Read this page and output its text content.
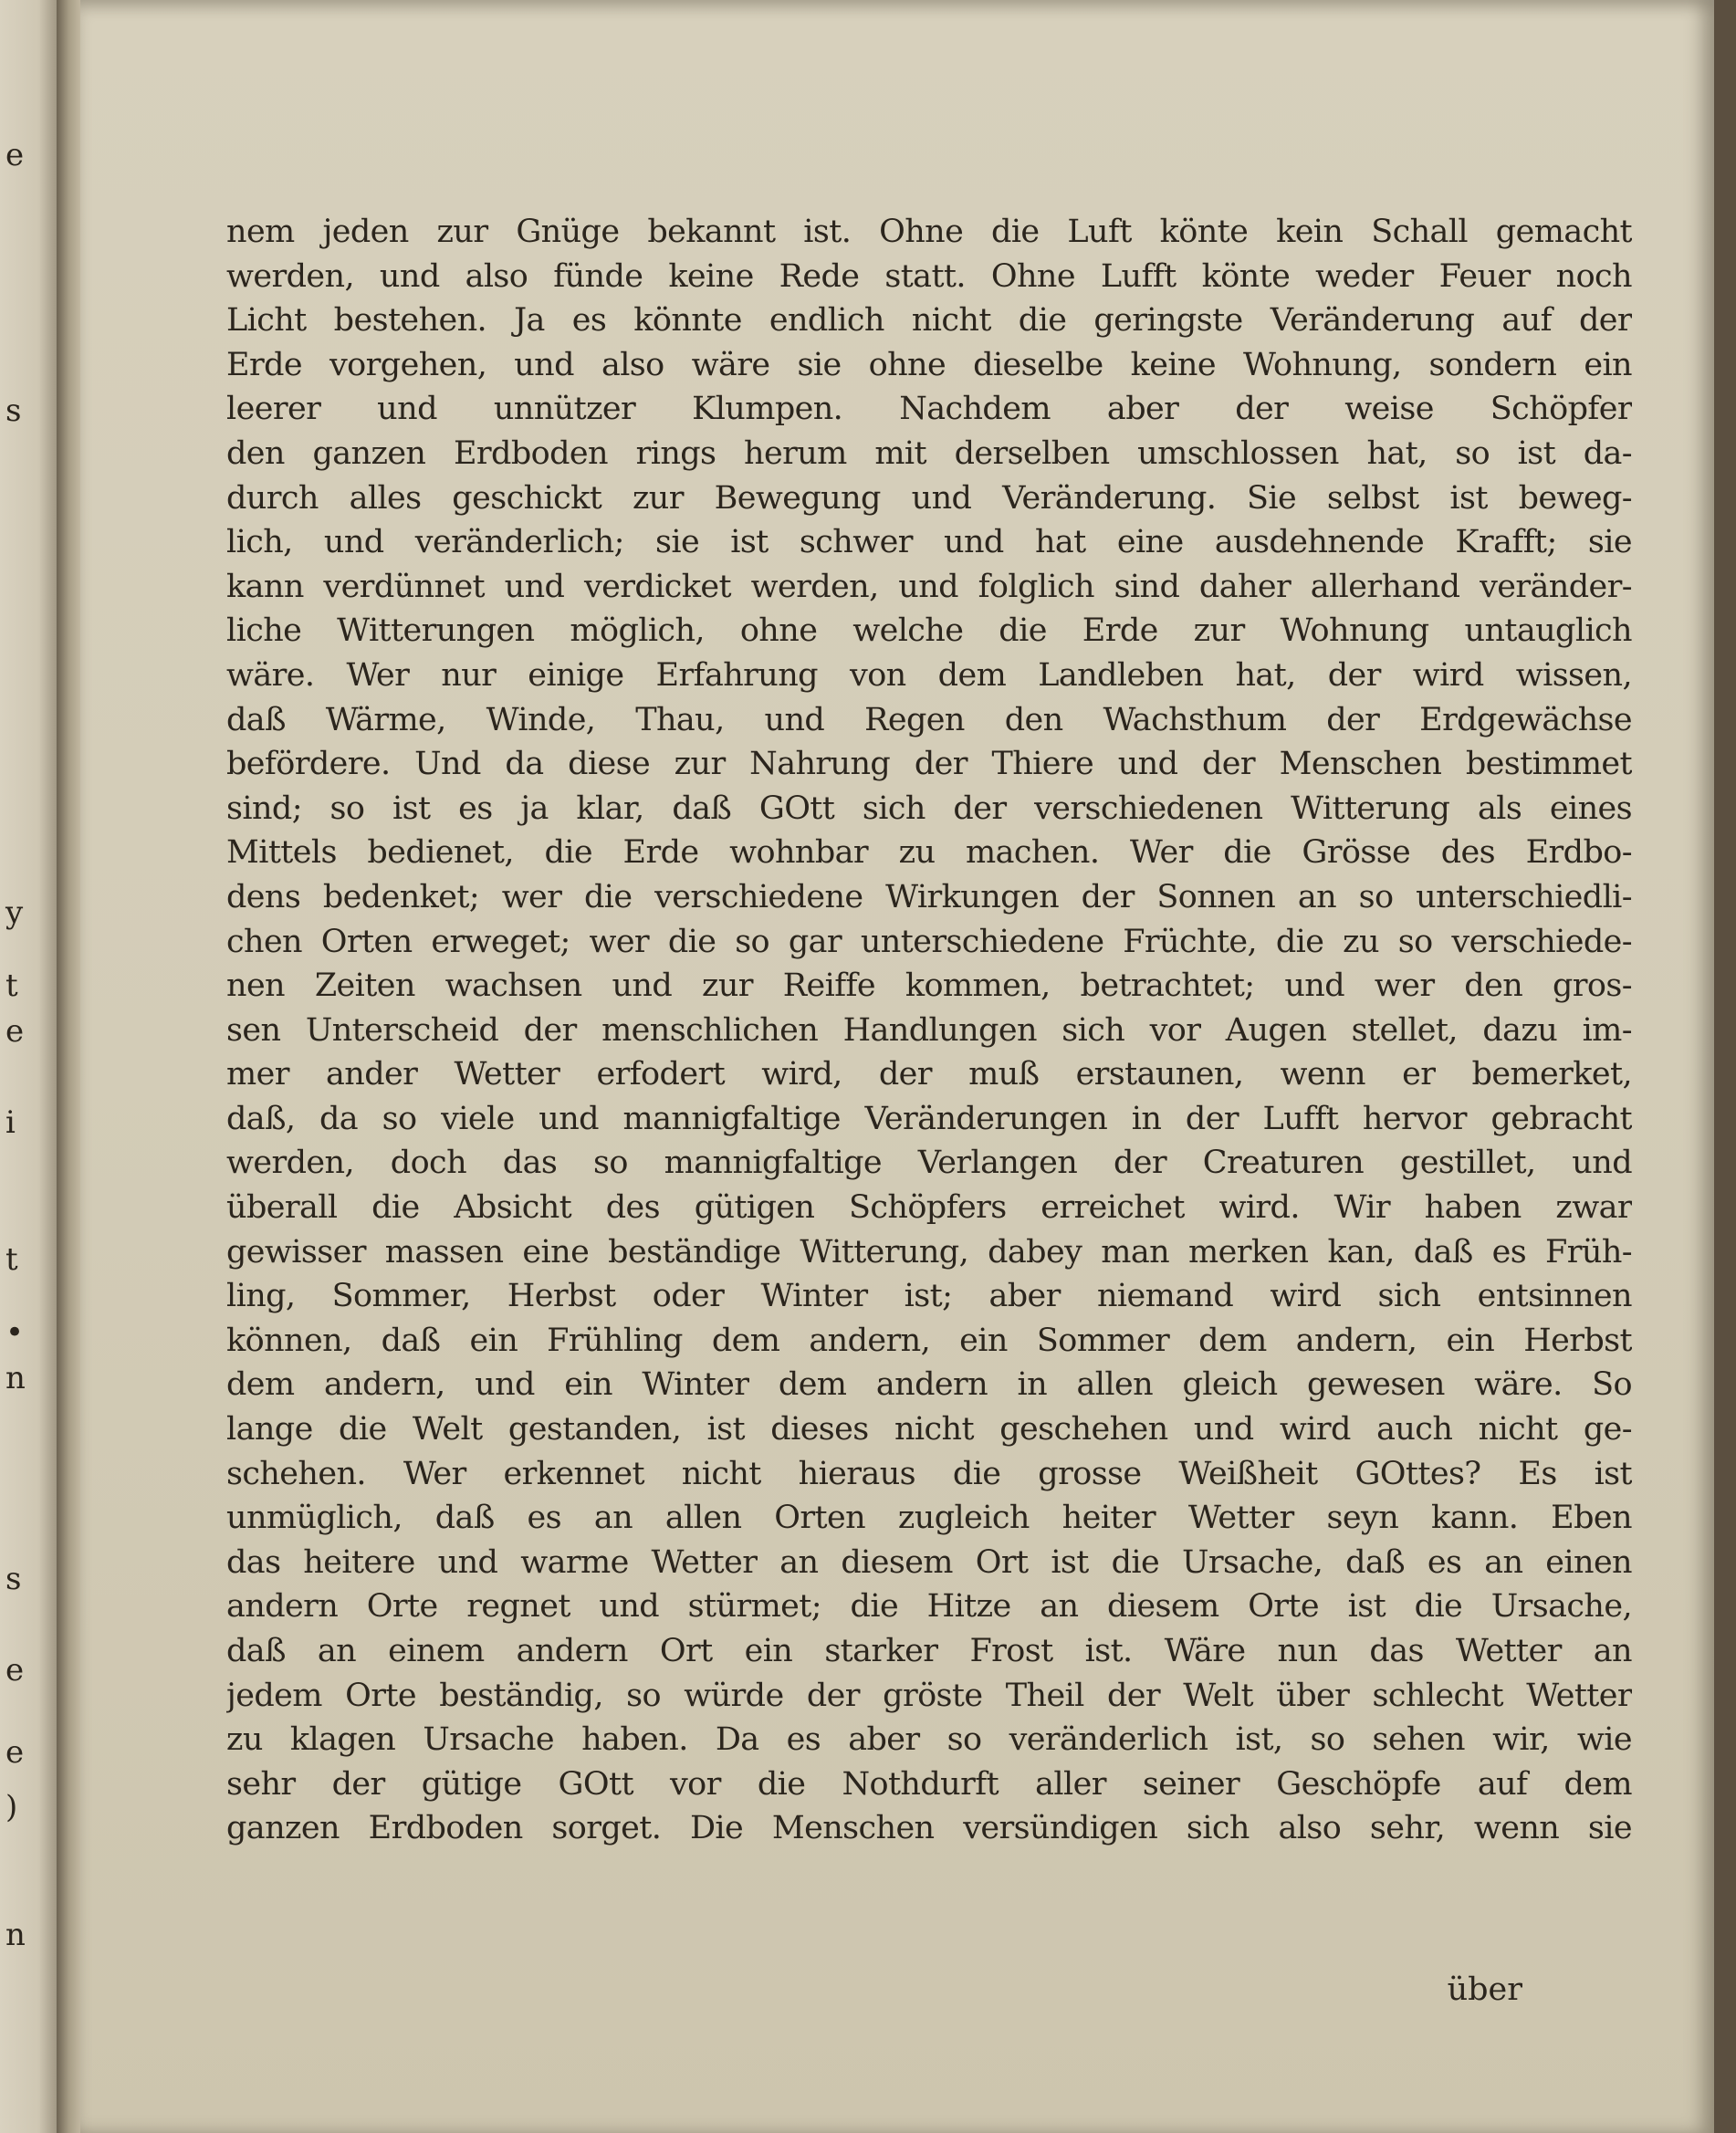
e
s
y
t
e
i
t
•
n
s
e
e
)
n
nem jeden zur Gnüge bekannt ist. Ohne die Luft könte kein Schall gemacht
werden, und also fünde keine Rede statt. Ohne Lufft könte weder Feuer noch
Licht bestehen. Ja es könnte endlich nicht die geringste Veränderung auf der
Erde vorgehen, und also wäre sie ohne dieselbe keine Wohnung, sondern ein
leerer und unnützer Klumpen. Nachdem aber der weise Schöpfer
den ganzen Erdboden rings herum mit derselben umschlossen hat, so ist da-
durch alles geschickt zur Bewegung und Veränderung. Sie selbst ist beweg-
lich, und veränderlich; sie ist schwer und hat eine ausdehnende Krafft; sie
kann verdünnet und verdicket werden, und folglich sind daher allerhand veränder-
liche Witterungen möglich, ohne welche die Erde zur Wohnung untauglich
wäre. Wer nur einige Erfahrung von dem Landleben hat, der wird wissen,
daß Wärme, Winde, Thau, und Regen den Wachsthum der Erdgewächse
befördere. Und da diese zur Nahrung der Thiere und der Menschen bestimmet
sind; so ist es ja klar, daß GOtt sich der verschiedenen Witterung als eines
Mittels bedienet, die Erde wohnbar zu machen. Wer die Grösse des Erdbo-
dens bedenket; wer die verschiedene Wirkungen der Sonnen an so unterschiedli-
chen Orten erweget; wer die so gar unterschiedene Früchte, die zu so verschiede-
nen Zeiten wachsen und zur Reiffe kommen, betrachtet; und wer den gros-
sen Unterscheid der menschlichen Handlungen sich vor Augen stellet, dazu im-
mer ander Wetter erfodert wird, der muß erstaunen, wenn er bemerket,
daß, da so viele und mannigfaltige Veränderungen in der Lufft hervor gebracht
werden, doch das so mannigfaltige Verlangen der Creaturen gestillet, und
überall die Absicht des gütigen Schöpfers erreichet wird. Wir haben zwar
gewisser massen eine beständige Witterung, dabey man merken kan, daß es Früh-
ling, Sommer, Herbst oder Winter ist; aber niemand wird sich entsinnen
können, daß ein Frühling dem andern, ein Sommer dem andern, ein Herbst
dem andern, und ein Winter dem andern in allen gleich gewesen wäre. So
lange die Welt gestanden, ist dieses nicht geschehen und wird auch nicht ge-
schehen. Wer erkennet nicht hieraus die grosse Weißheit GOttes? Es ist
unmüglich, daß es an allen Orten zugleich heiter Wetter seyn kann. Eben
das heitere und warme Wetter an diesem Ort ist die Ursache, daß es an einen
andern Orte regnet und stürmet; die Hitze an diesem Orte ist die Ursache,
daß an einem andern Ort ein starker Frost ist. Wäre nun das Wetter an
jedem Orte beständig, so würde der gröste Theil der Welt über schlecht Wetter
zu klagen Ursache haben. Da es aber so veränderlich ist, so sehen wir, wie
sehr der gütige GOtt vor die Nothdurft aller seiner Geschöpfe auf dem
ganzen Erdboden sorget. Die Menschen versündigen sich also sehr, wenn sie
über
